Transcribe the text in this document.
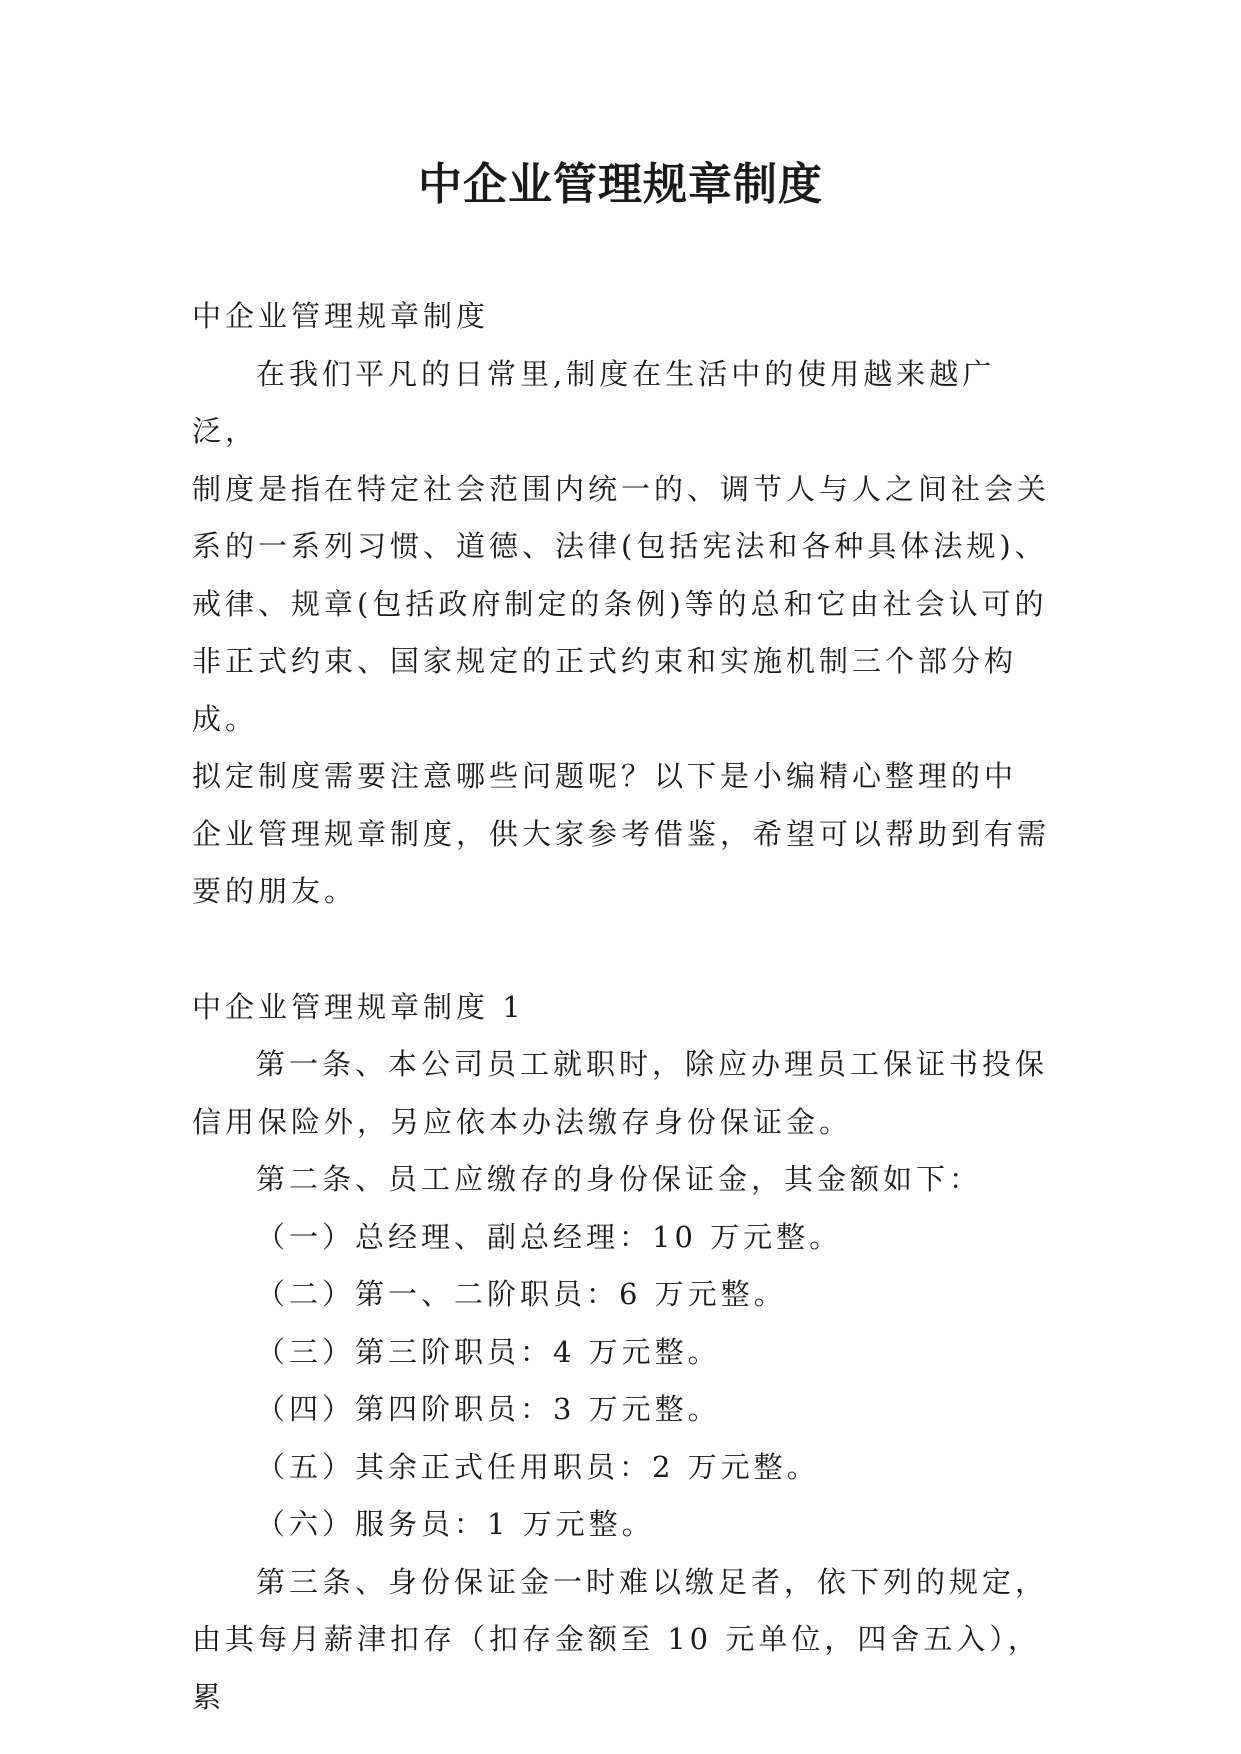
中企业管理规章制度

中企业管理规章制度

在我们平凡的日常里,制度在生活中的使用越来越广泛，

制度是指在特定社会范围内统一的、调节人与人之间社会关

系的一系列习惯、道德、法律(包括宪法和各种具体法规)、

戒律、规章(包括政府制定的条例)等的总和它由社会认可的

非正式约束、国家规定的正式约束和实施机制三个部分构成。

拟定制度需要注意哪些问题呢？以下是小编精心整理的中

企业管理规章制度，供大家参考借鉴，希望可以帮助到有需

要的朋友。

中企业管理规章制度 1

第一条、本公司员工就职时，除应办理员工保证书投保

信用保险外，另应依本办法缴存身份保证金。

第二条、员工应缴存的身份保证金，其金额如下：

（一）总经理、副总经理：10 万元整。

（二）第一、二阶职员：6 万元整。

（三）第三阶职员：4 万元整。

（四）第四阶职员：3 万元整。

（五）其余正式任用职员：2 万元整。

（六）服务员：1 万元整。

第三条、身份保证金一时难以缴足者，依下列的规定，

由其每月薪津扣存（扣存金额至 10 元单位，四舍五入），累
